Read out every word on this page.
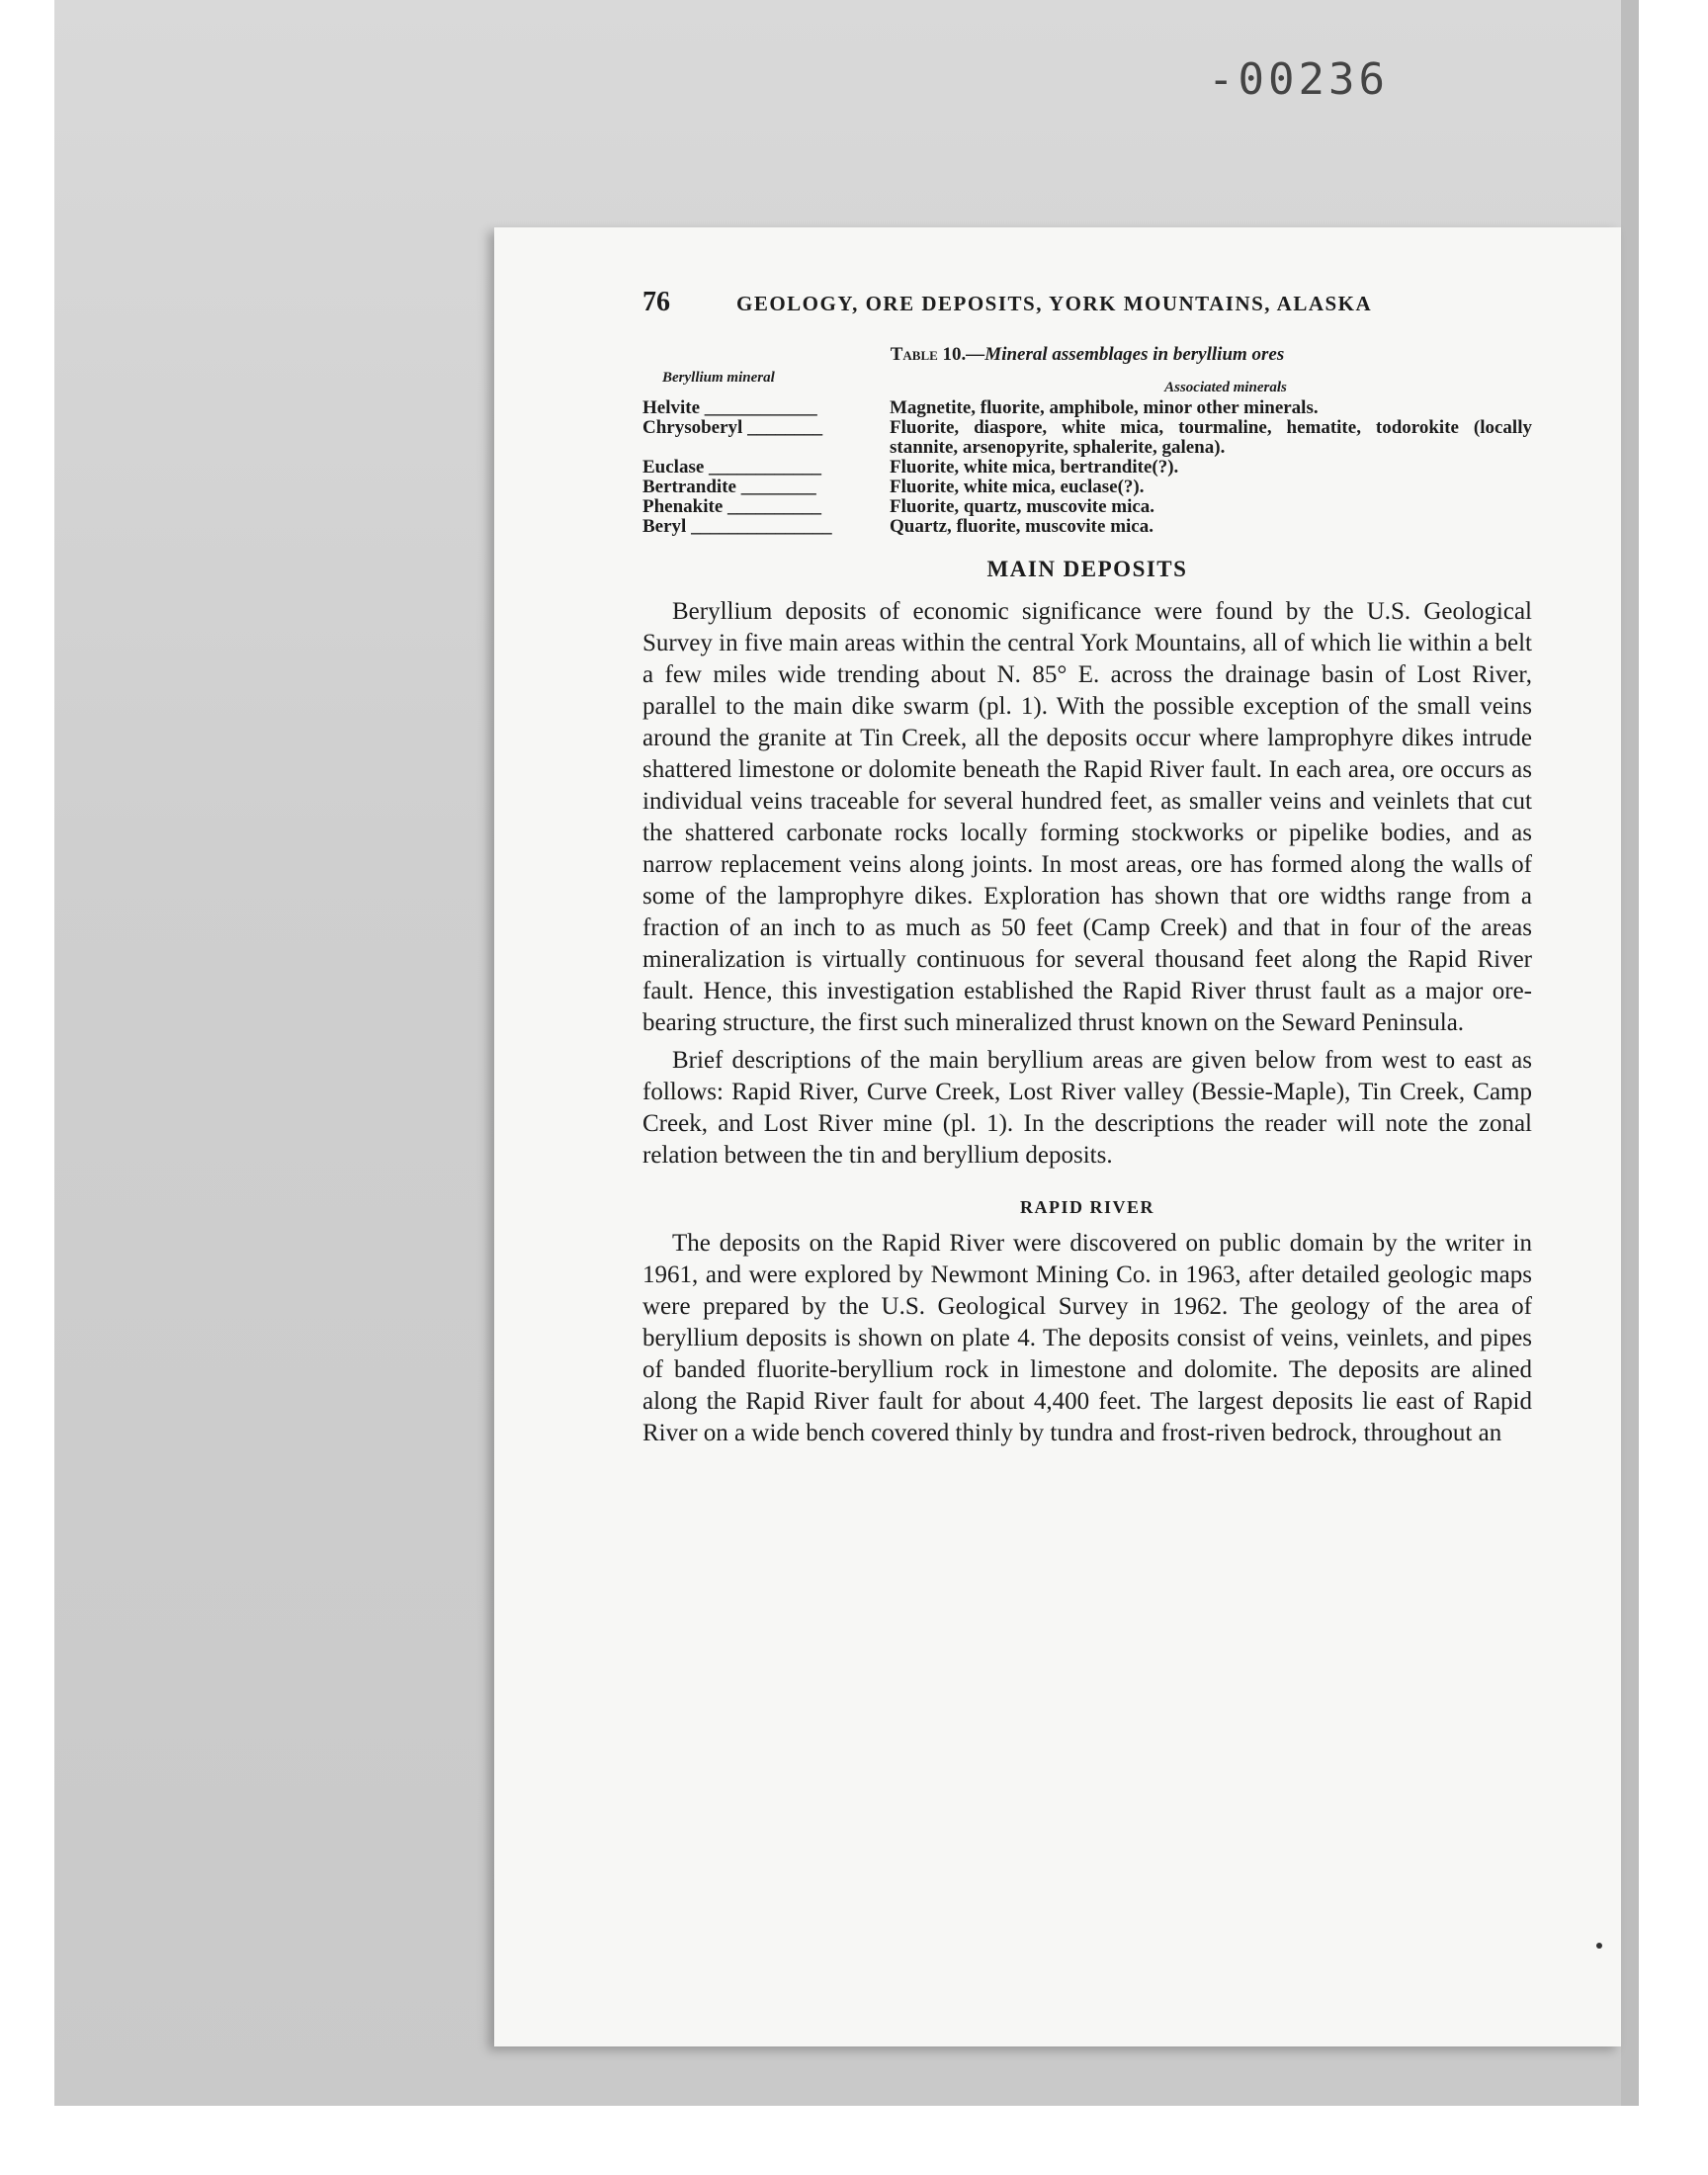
-00236
76	GEOLOGY, ORE DEPOSITS, YORK MOUNTAINS, ALASKA
Table 10.—Mineral assemblages in beryllium ores
Beryllium mineral
Associated minerals
Helvite ____________	Magnetite, fluorite, amphibole, minor other minerals.
Chrysoberyl ________	Fluorite, diaspore, white mica, tourmaline, hematite, todorokite (locally stannite, arsenopyrite, sphalerite, galena).
Euclase ____________	Fluorite, white mica, bertrandite(?).
Bertrandite ________	Fluorite, white mica, euclase(?).
Phenakite __________	Fluorite, quartz, muscovite mica.
Beryl _______________	Quartz, fluorite, muscovite mica.
MAIN DEPOSITS

Beryllium deposits of economic significance were found by the U.S. Geological Survey in five main areas within the central York Mountains, all of which lie within a belt a few miles wide trending about N. 85° E. across the drainage basin of Lost River, parallel to the main dike swarm (pl. 1). With the possible exception of the small veins around the granite at Tin Creek, all the deposits occur where lamprophyre dikes intrude shattered limestone or dolomite beneath the Rapid River fault. In each area, ore occurs as individual veins traceable for several hundred feet, as smaller veins and veinlets that cut the shattered carbonate rocks locally forming stockworks or pipelike bodies, and as narrow replacement veins along joints. In most areas, ore has formed along the walls of some of the lamprophyre dikes. Exploration has shown that ore widths range from a fraction of an inch to as much as 50 feet (Camp Creek) and that in four of the areas mineralization is virtually continuous for several thousand feet along the Rapid River fault. Hence, this investigation established the Rapid River thrust fault as a major ore-bearing structure, the first such mineralized thrust known on the Seward Peninsula.

Brief descriptions of the main beryllium areas are given below from west to east as follows: Rapid River, Curve Creek, Lost River valley (Bessie-Maple), Tin Creek, Camp Creek, and Lost River mine (pl. 1). In the descriptions the reader will note the zonal relation between the tin and beryllium deposits.

RAPID RIVER

The deposits on the Rapid River were discovered on public domain by the writer in 1961, and were explored by Newmont Mining Co. in 1963, after detailed geologic maps were prepared by the U.S. Geological Survey in 1962. The geology of the area of beryllium deposits is shown on plate 4. The deposits consist of veins, veinlets, and pipes of banded fluorite-beryllium rock in limestone and dolomite. The deposits are alined along the Rapid River fault for about 4,400 feet. The largest deposits lie east of Rapid River on a wide bench covered thinly by tundra and frost-riven bedrock, throughout an
